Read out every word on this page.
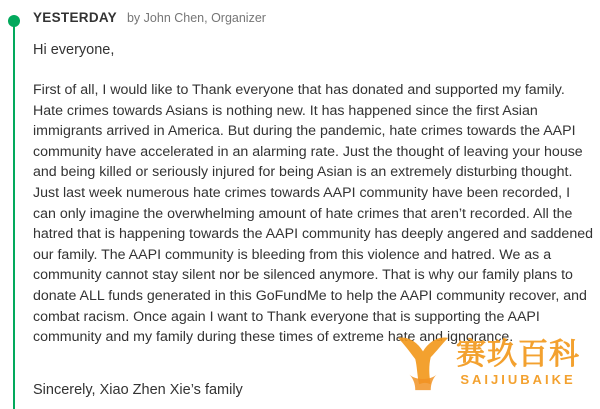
YESTERDAY by John Chen, Organizer
Hi everyone,
First of all, I would like to Thank everyone that has donated and supported my family. Hate crimes towards Asians is nothing new. It has happened since the first Asian immigrants arrived in America. But during the pandemic, hate crimes towards the AAPI community have accelerated in an alarming rate. Just the thought of leaving your house and being killed or seriously injured for being Asian is an extremely disturbing thought. Just last week numerous hate crimes towards AAPI community have been recorded, I can only imagine the overwhelming amount of hate crimes that aren’t recorded. All the hatred that is happening towards the AAPI community has deeply angered and saddened our family. The AAPI community is bleeding from this violence and hatred. We as a community cannot stay silent nor be silenced anymore. That is why our family plans to donate ALL funds generated in this GoFundMe to help the AAPI community recover, and combat racism. Once again I want to Thank everyone that is supporting the AAPI community and my family during these times of extreme hate and ignorance.
Sincerely, Xiao Zhen Xie’s family
赛玖百科
SAIJIUBAIKE
